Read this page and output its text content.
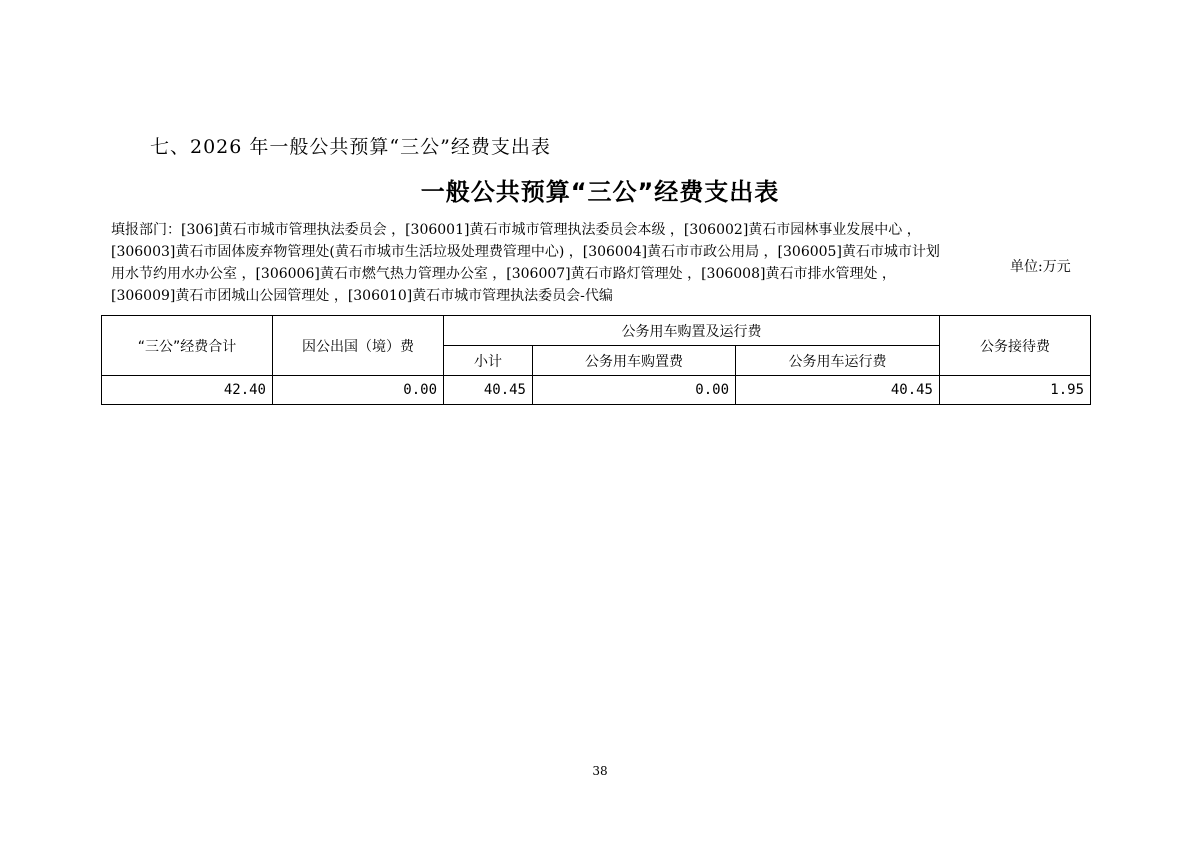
七、2026 年一般公共预算“三公”经费支出表
一般公共预算“三公”经费支出表
填报部门：[306]黄石市城市管理执法委员会 ，[306001]黄石市城市管理执法委员会本级 ，[306002]黄石市园林事业发展中心 ，[306003]黄石市固体废弃物管理处(黄石市城市生活垃圾处理费管理中心) ，[306004]黄石市市政公用局 ，[306005]黄石市城市计划用水节约用水办公室 ，[306006]黄石市燃气热力管理办公室 ，[306007]黄石市路灯管理处 ，[306008]黄石市排水管理处 ，[306009]黄石市团城山公园管理处 ，[306010]黄石市城市管理执法委员会-代编
单位:万元
“三公”经费合计	因公出国（境）费	公务用车购置及运行费			公务接待费
		小计	公务用车购置费	公务用车运行费	
42.40	0.00	40.45	0.00	40.45	1.95
38
